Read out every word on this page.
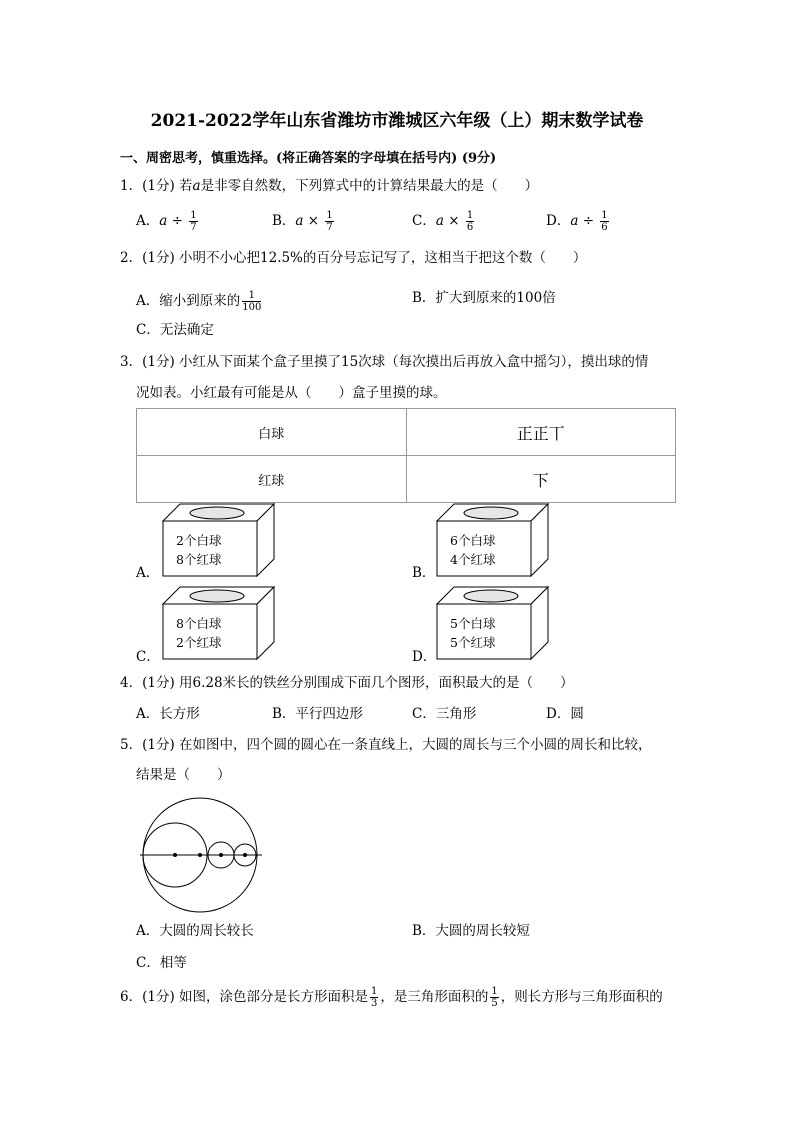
2021-2022学年山东省潍坊市潍城区六年级（上）期末数学试卷
一、周密思考，慎重选择。(将正确答案的字母填在括号内) (9分)
1．(1分) 若a是非零自然数，下列算式中的计算结果最大的是（　　）
A．$a \div \frac{1}{7}$	B．$a \times \frac{1}{7}$	C．$a \times \frac{1}{6}$	D．$a \div \frac{1}{6}$
2．(1分) 小明不小心把12.5%的百分号忘记写了，这相当于把这个数（　　）
A．缩小到原来的 $\frac{1}{100}$	B．扩大到原来的100倍
C．无法确定
3．(1分) 小红从下面某个盒子里摸了15次球（每次摸出后再放入盒中摇匀），摸出球的情
况如表。小红最有可能是从（　　）盒子里摸的球。
白球	正正丅
红球	下
A．
2个白球
8个红球
B．
6个白球
4个红球
C．
8个白球
2个红球
D．
5个白球
5个红球
4．(1分) 用6.28米长的铁丝分别围成下面几个图形，面积最大的是（　　）
A．长方形	B．平行四边形	C．三角形	D．圆
5．(1分) 在如图中，四个圆的圆心在一条直线上，大圆的周长与三个小圆的周长和比较，
结果是（　　）
A．大圆的周长较长	B．大圆的周长较短
C．相等
6．(1分) 如图，涂色部分是长方形面积是 $\frac{1}{3}$ ，是三角形面积的 $\frac{1}{5}$ ，则长方形与三角形面积的
